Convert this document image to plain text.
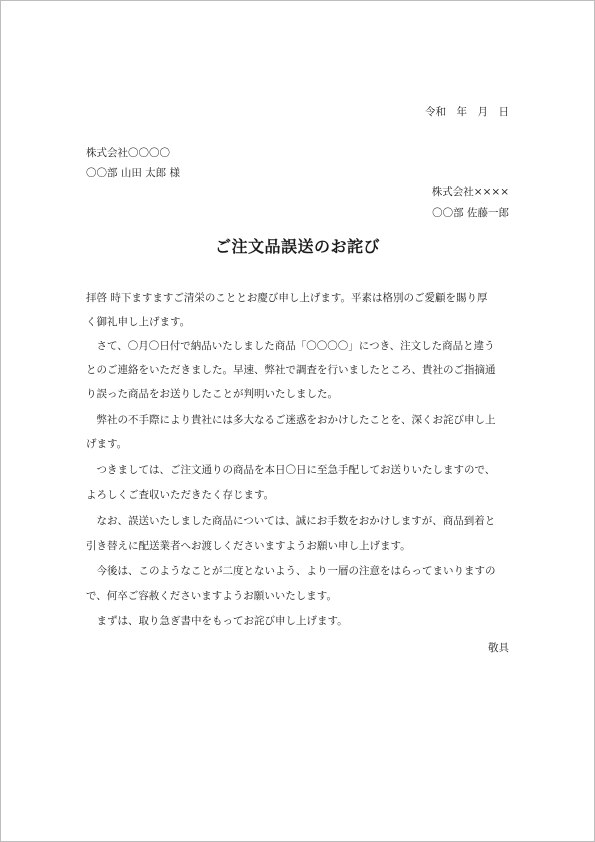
令和　年　月　日
株式会社〇〇〇〇
〇〇部 山田 太郎 様
株式会社××××
〇〇部 佐藤一郎
ご注文品誤送のお詫び
拝啓 時下ますますご清栄のこととお慶び申し上げます。平素は格別のご愛顧を賜り厚
く御礼申し上げます。
さて、〇月〇日付で納品いたしました商品「〇〇〇〇」につき、注文した商品と違う
とのご連絡をいただきました。早速、弊社で調査を行いましたところ、貴社のご指摘通
り誤った商品をお送りしたことが判明いたしました。
弊社の不手際により貴社には多大なるご迷惑をおかけしたことを、深くお詫び申し上
げます。
つきましては、ご注文通りの商品を本日〇日に至急手配してお送りいたしますので、
よろしくご査収いただきたく存じます。
なお、誤送いたしました商品については、誠にお手数をおかけしますが、商品到着と
引き替えに配送業者へお渡しくださいますようお願い申し上げます。
今後は、このようなことが二度とないよう、より一層の注意をはらってまいりますの
で、何卒ご容赦くださいますようお願いいたします。
まずは、取り急ぎ書中をもってお詫び申し上げます。
敬具
